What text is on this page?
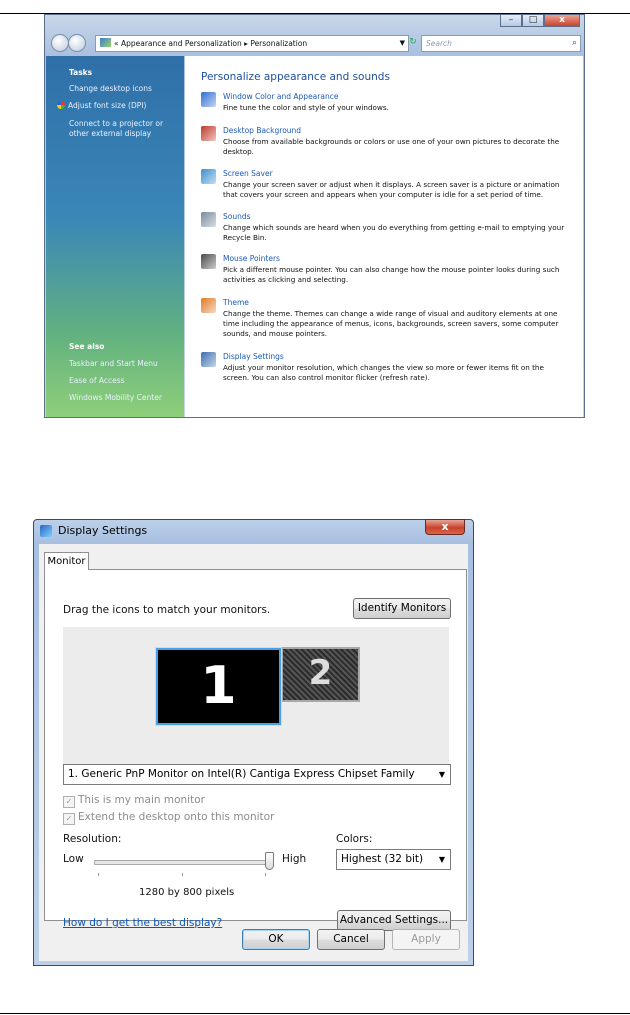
–	□	x
« Appearance and Personalization ▸ Personalization	▼ ↻	Search	⌕
Tasks
Change desktop icons
Adjust font size (DPI)
Connect to a projector or other external display
See also
Taskbar and Start Menu
Ease of Access
Windows Mobility Center
Personalize appearance and sounds
Window Color and Appearance
Fine tune the color and style of your windows.
Desktop Background
Choose from available backgrounds or colors or use one of your own pictures to decorate the desktop.
Screen Saver
Change your screen saver or adjust when it displays. A screen saver is a picture or animation that covers your screen and appears when your computer is idle for a set period of time.
Sounds
Change which sounds are heard when you do everything from getting e-mail to emptying your Recycle Bin.
Mouse Pointers
Pick a different mouse pointer. You can also change how the mouse pointer looks during such activities as clicking and selecting.
Theme
Change the theme. Themes can change a wide range of visual and auditory elements at one time including the appearance of menus, icons, backgrounds, screen savers, some computer sounds, and mouse pointers.
Display Settings
Adjust your monitor resolution, which changes the view so more or fewer items fit on the screen. You can also control monitor flicker (refresh rate).
Display Settings	x
Monitor
Drag the icons to match your monitors.	Identify Monitors
2
1
1. Generic PnP Monitor on Intel(R) Cantiga Express Chipset Family	▼
✓ This is my main monitor
✓ Extend the desktop onto this monitor
Resolution:	Colors:
Low	High	Highest (32 bit) ▼
1280 by 800 pixels
How do I get the best display?	Advanced Settings...
OK	Cancel	Apply
